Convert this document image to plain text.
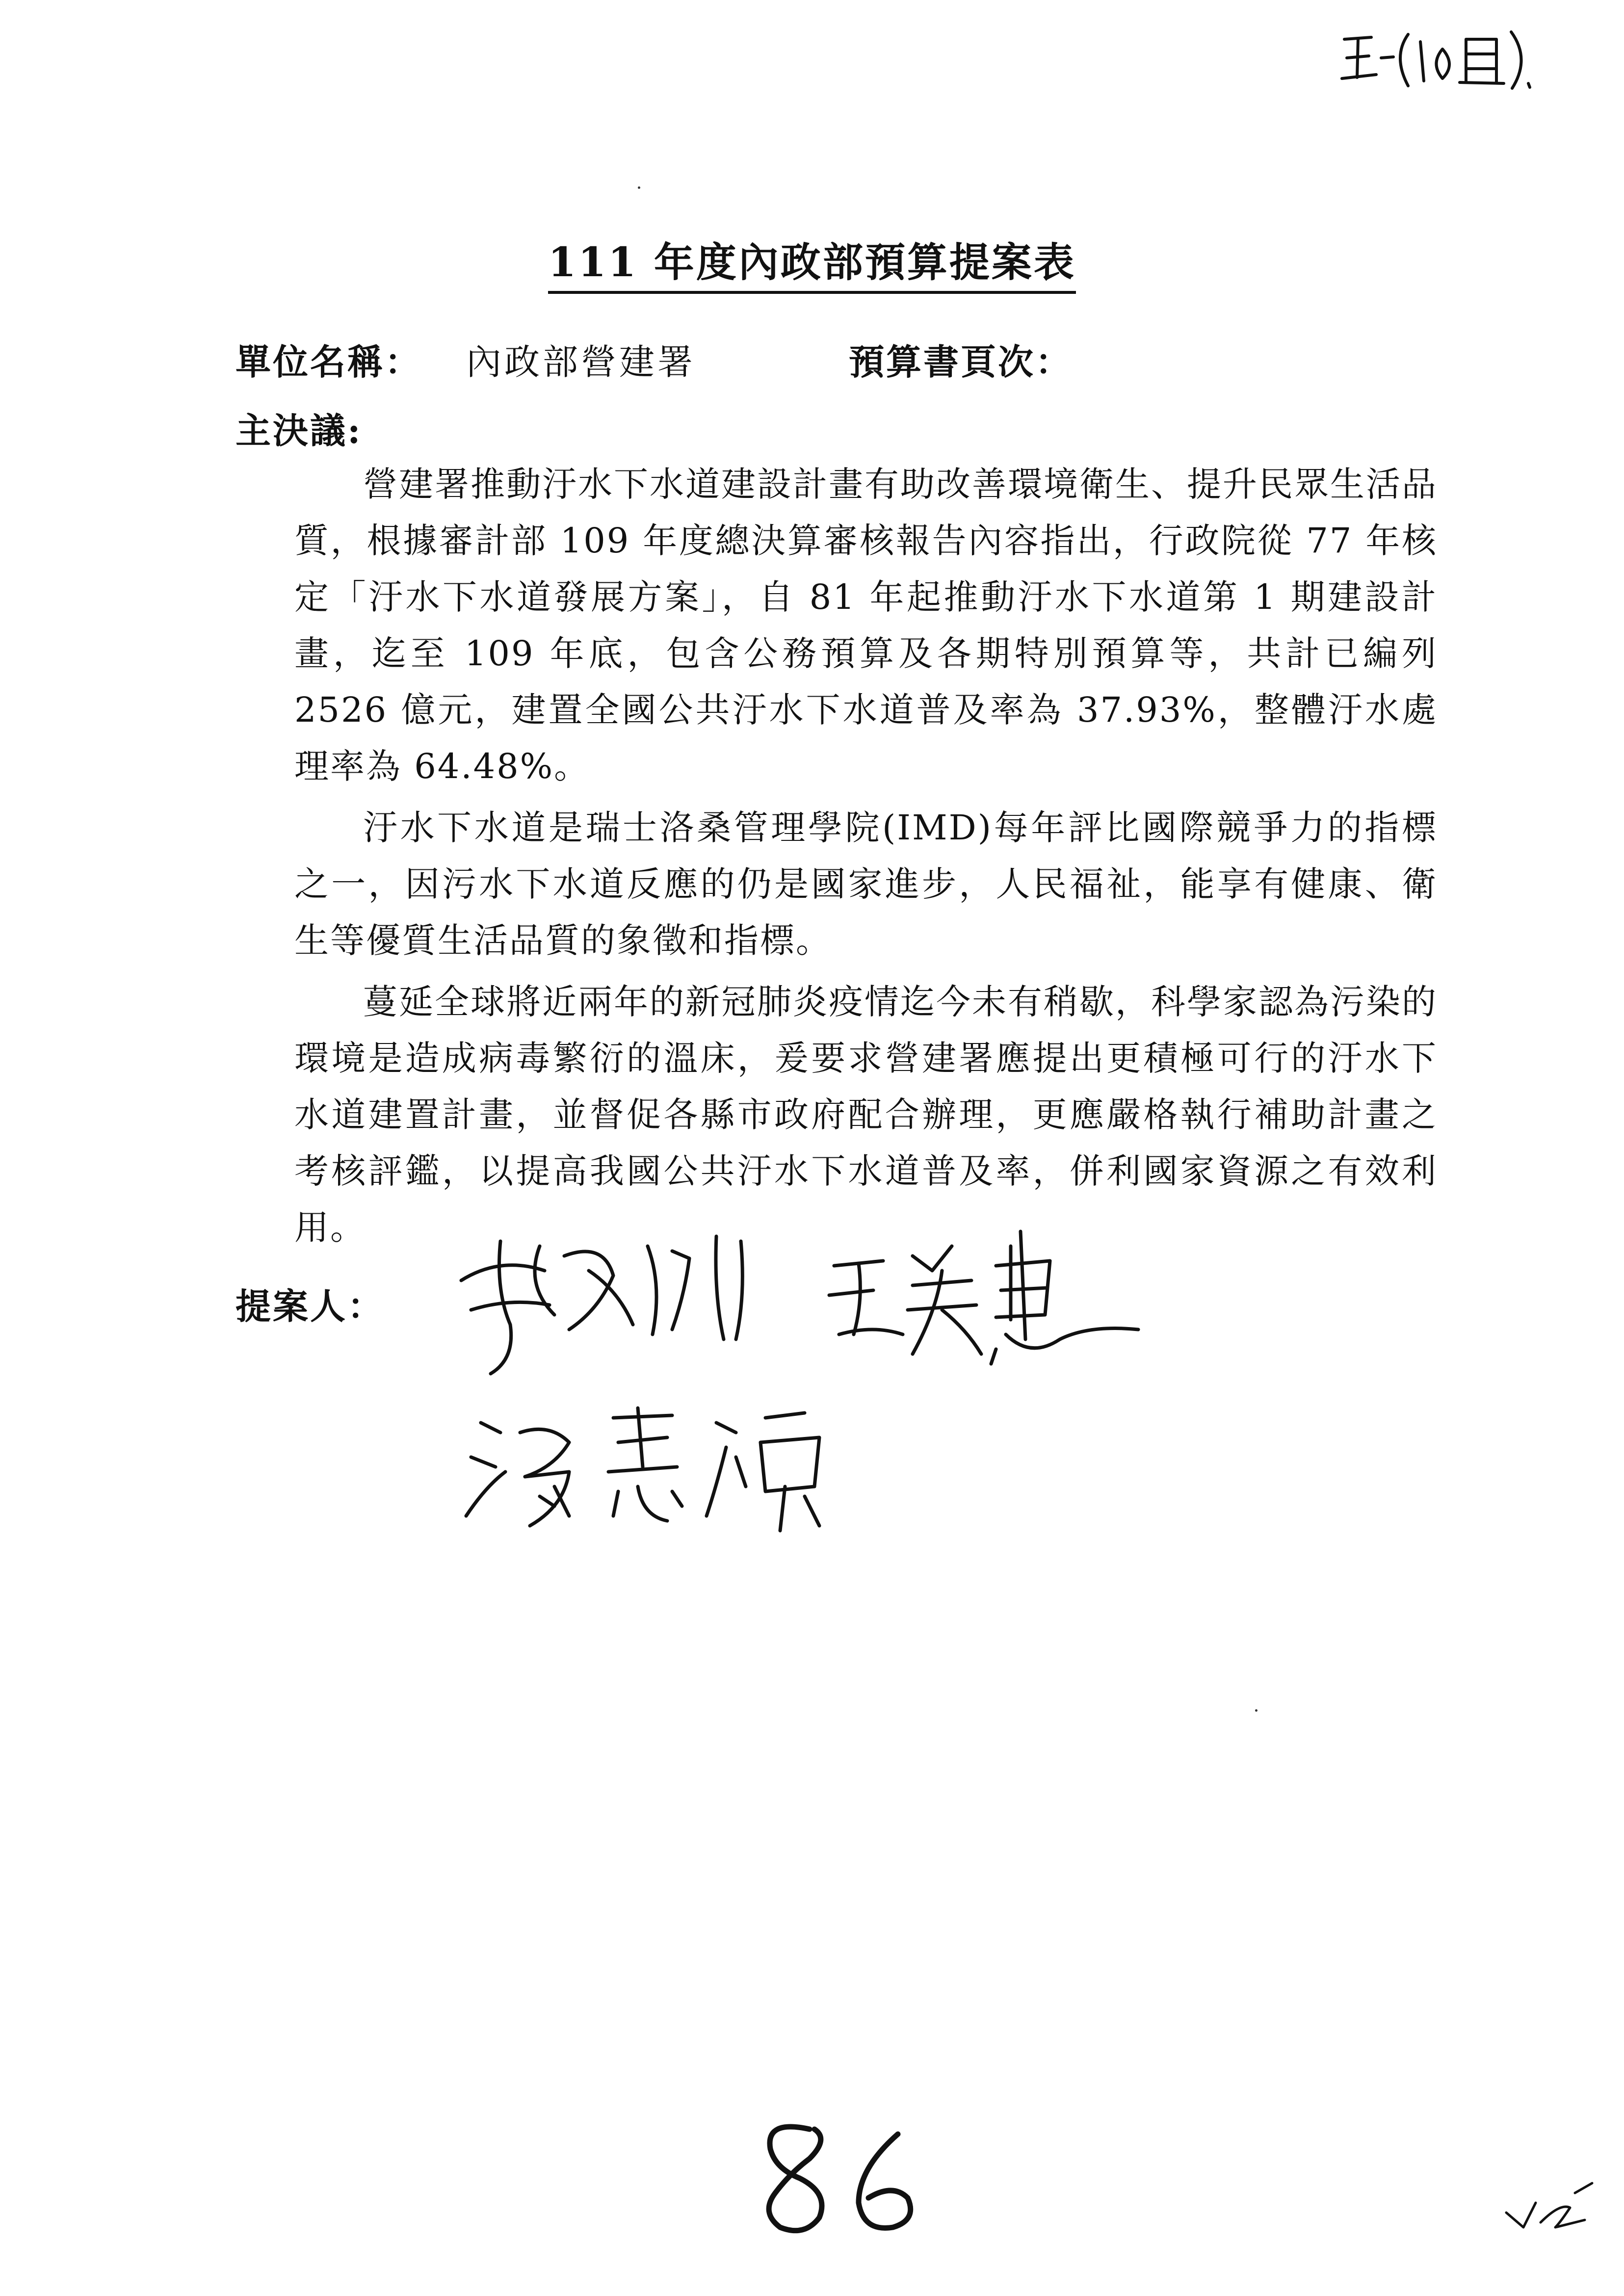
111 年度內政部預算提案表
單位名稱： 內政部營建署	預算書頁次：
主決議:

營建署推動汙水下水道建設計畫有助改善環境衛生、提升民眾生活品質，根據審計部 109 年度總決算審核報告內容指出，行政院從 77 年核定「汙水下水道發展方案」，自 81 年起推動汙水下水道第 1 期建設計畫，迄至 109 年底，包含公務預算及各期特別預算等，共計已編列 2526 億元，建置全國公共汙水下水道普及率為 37.93%，整體汙水處理率為 64.48%。

汙水下水道是瑞士洛桑管理學院(IMD)每年評比國際競爭力的指標之一，因污水下水道反應的仍是國家進步，人民福祉，能享有健康、衛生等優質生活品質的象徵和指標。

蔓延全球將近兩年的新冠肺炎疫情迄今未有稍歇，科學家認為污染的環境是造成病毒繁衍的溫床，爰要求營建署應提出更積極可行的汙水下水道建置計畫，並督促各縣市政府配合辦理，更應嚴格執行補助計畫之考核評鑑，以提高我國公共汙水下水道普及率，併利國家資源之有效利用。

提案人：
